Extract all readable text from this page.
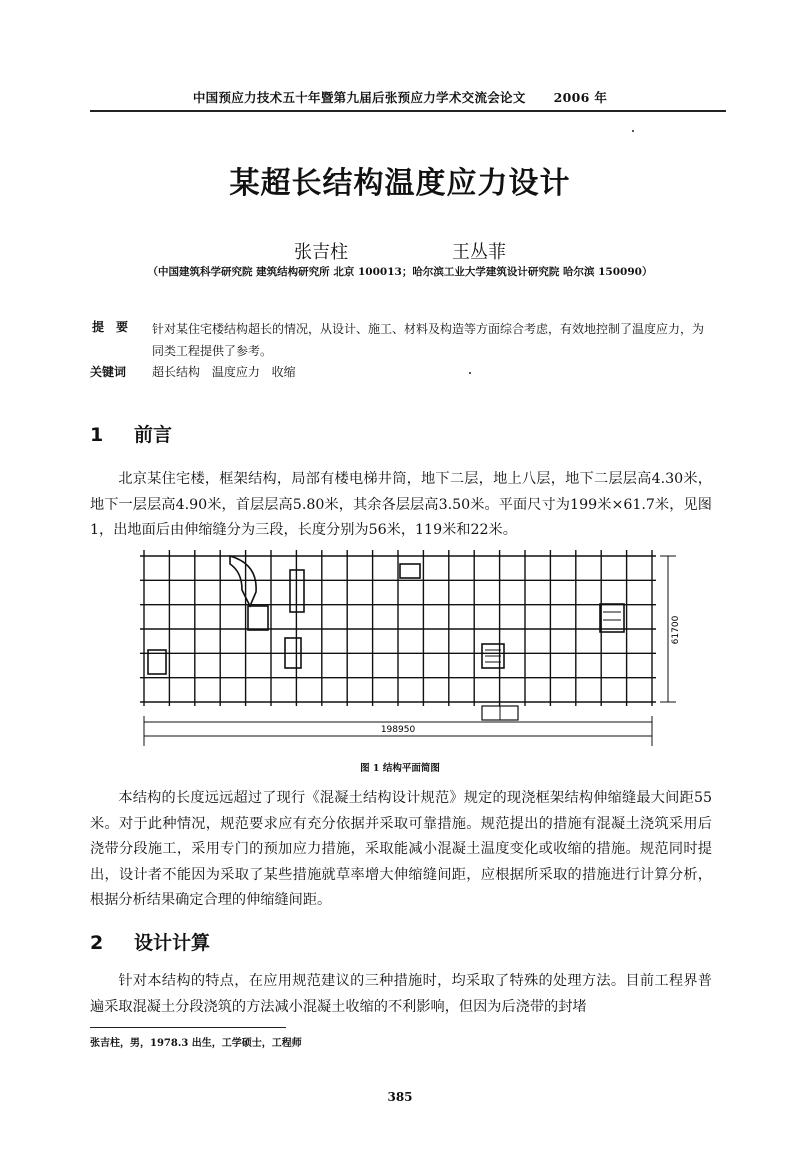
中国预应力技术五十年暨第九届后张预应力学术交流会论文 2006 年
某超长结构温度应力设计
张吉柱	王丛菲
（中国建筑科学研究院 建筑结构研究所 北京 100013；哈尔滨工业大学建筑设计研究院 哈尔滨 150090）
提要 针对某住宅楼结构超长的情况，从设计、施工、材料及构造等方面综合考虑，有效地控制了温度应力，为同类工程提供了参考。
关键词 超长结构 温度应力 收缩
1 前言
北京某住宅楼，框架结构，局部有楼电梯井筒，地下二层，地上八层，地下二层层高4.30米，地下一层层高4.90米，首层层高5.80米，其余各层层高3.50米。平面尺寸为199米×61.7米，见图1，出地面后由伸缩缝分为三段，长度分别为56米，119米和22米。
198950
61700
图 1 结构平面简图
本结构的长度远远超过了现行《混凝土结构设计规范》规定的现浇框架结构伸缩缝最大间距55米。对于此种情况，规范要求应有充分依据并采取可靠措施。规范提出的措施有混凝土浇筑采用后浇带分段施工，采用专门的预加应力措施，采取能减小混凝土温度变化或收缩的措施。规范同时提出，设计者不能因为采取了某些措施就草率增大伸缩缝间距，应根据所采取的措施进行计算分析，根据分析结果确定合理的伸缩缝间距。
2 设计计算
针对本结构的特点，在应用规范建议的三种措施时，均采取了特殊的处理方法。目前工程界普遍采取混凝土分段浇筑的方法减小混凝土收缩的不利影响，但因为后浇带的封堵
张吉柱，男，1978.3 出生，工学硕士，工程师
385
